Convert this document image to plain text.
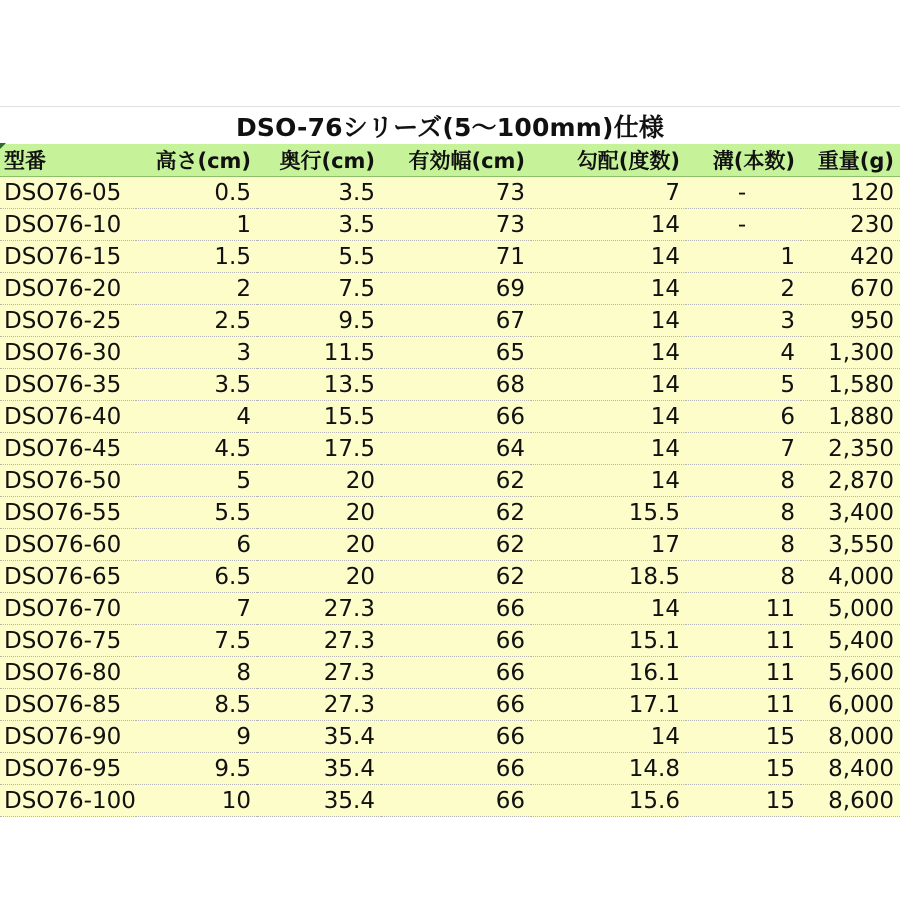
DSO-76シリーズ(5～100mm)仕様
型番	高さ(cm)	奥行(cm)	有効幅(cm)	勾配(度数)	溝(本数)	重量(g)
DSO76-05	0.5	3.5	73	7	-	120
DSO76-10	1	3.5	73	14	-	230
DSO76-15	1.5	5.5	71	14	1	420
DSO76-20	2	7.5	69	14	2	670
DSO76-25	2.5	9.5	67	14	3	950
DSO76-30	3	11.5	65	14	4	1,300
DSO76-35	3.5	13.5	68	14	5	1,580
DSO76-40	4	15.5	66	14	6	1,880
DSO76-45	4.5	17.5	64	14	7	2,350
DSO76-50	5	20	62	14	8	2,870
DSO76-55	5.5	20	62	15.5	8	3,400
DSO76-60	6	20	62	17	8	3,550
DSO76-65	6.5	20	62	18.5	8	4,000
DSO76-70	7	27.3	66	14	11	5,000
DSO76-75	7.5	27.3	66	15.1	11	5,400
DSO76-80	8	27.3	66	16.1	11	5,600
DSO76-85	8.5	27.3	66	17.1	11	6,000
DSO76-90	9	35.4	66	14	15	8,000
DSO76-95	9.5	35.4	66	14.8	15	8,400
DSO76-100	10	35.4	66	15.6	15	8,600
